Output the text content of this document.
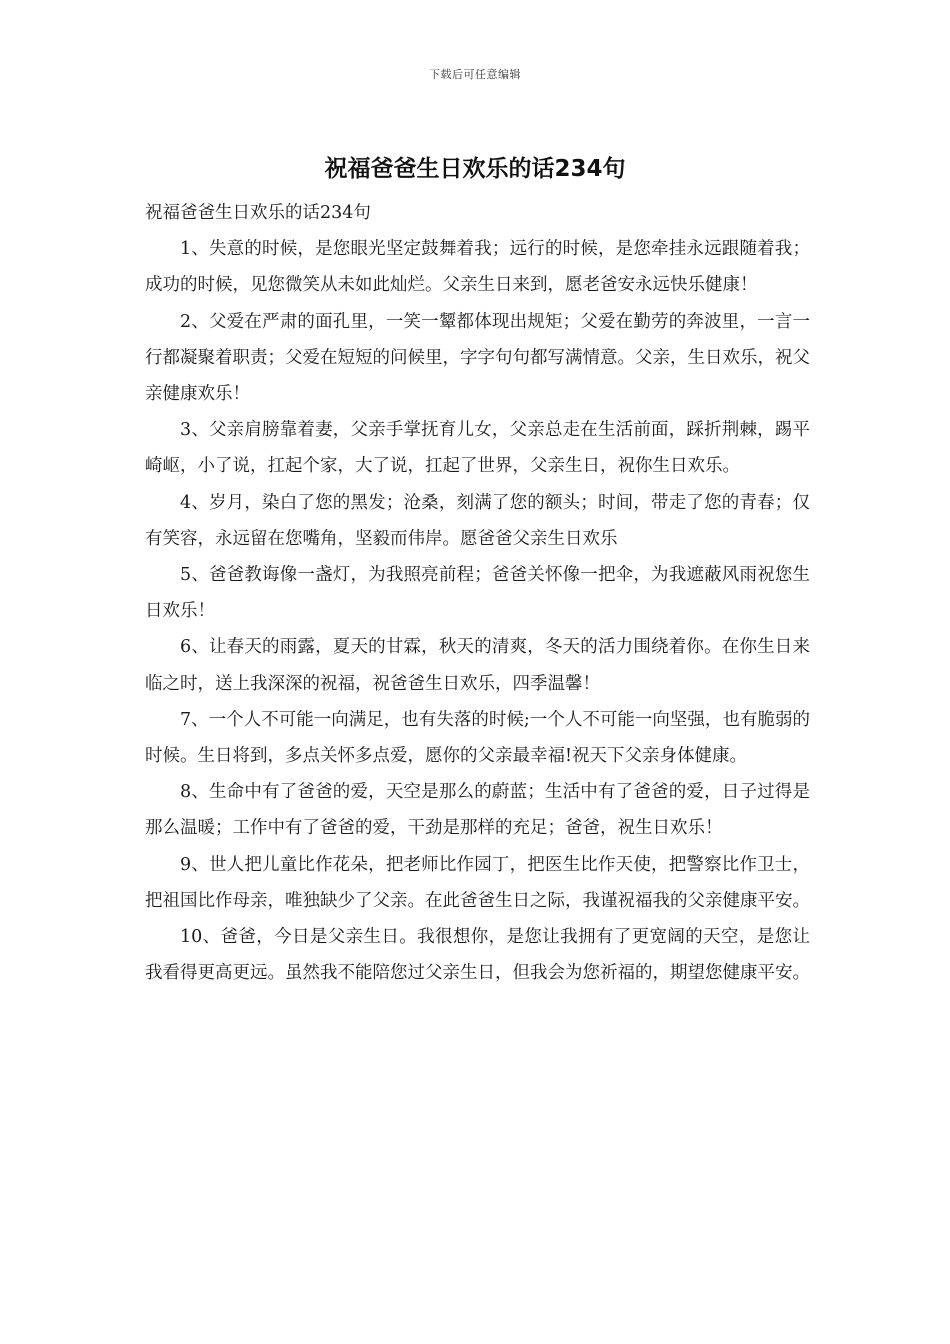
下载后可任意编辑
祝福爸爸生日欢乐的话234句

祝福爸爸生日欢乐的话234句

1、失意的时候，是您眼光坚定鼓舞着我；远行的时候，是您牵挂永远跟随着我；成功的时候，见您微笑从未如此灿烂。父亲生日来到，愿老爸安永远快乐健康！

2、父爱在严肃的面孔里，一笑一颦都体现出规矩；父爱在勤劳的奔波里，一言一行都凝聚着职责；父爱在短短的问候里，字字句句都写满情意。父亲，生日欢乐，祝父亲健康欢乐！

3、父亲肩膀靠着妻，父亲手掌抚育儿女，父亲总走在生活前面，踩折荆棘，踢平崎岖，小了说，扛起个家，大了说，扛起了世界，父亲生日，祝你生日欢乐。

4、岁月，染白了您的黑发；沧桑，刻满了您的额头；时间，带走了您的青春；仅有笑容，永远留在您嘴角，坚毅而伟岸。愿爸爸父亲生日欢乐

5、爸爸教诲像一盏灯，为我照亮前程；爸爸关怀像一把伞，为我遮蔽风雨祝您生日欢乐！

6、让春天的雨露，夏天的甘霖，秋天的清爽，冬天的活力围绕着你。在你生日来临之时，送上我深深的祝福，祝爸爸生日欢乐，四季温馨！

7、一个人不可能一向满足，也有失落的时候;一个人不可能一向坚强，也有脆弱的时候。生日将到，多点关怀多点爱，愿你的父亲最幸福!祝天下父亲身体健康。

8、生命中有了爸爸的爱，天空是那么的蔚蓝；生活中有了爸爸的爱，日子过得是那么温暖；工作中有了爸爸的爱，干劲是那样的充足；爸爸，祝生日欢乐！

9、世人把儿童比作花朵，把老师比作园丁，把医生比作天使，把警察比作卫士，把祖国比作母亲，唯独缺少了父亲。在此爸爸生日之际，我谨祝福我的父亲健康平安。

10、爸爸，今日是父亲生日。我很想你，是您让我拥有了更宽阔的天空，是您让我看得更高更远。虽然我不能陪您过父亲生日，但我会为您祈福的，期望您健康平安。
